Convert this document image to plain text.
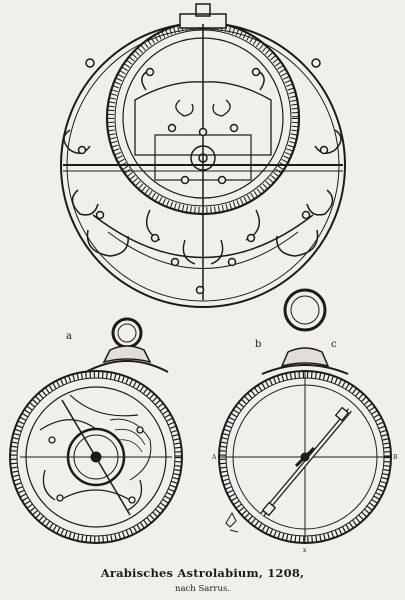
a
b	c
A	B
x
Arabisches Astrolabium, 1208,
nach Sarrus.
